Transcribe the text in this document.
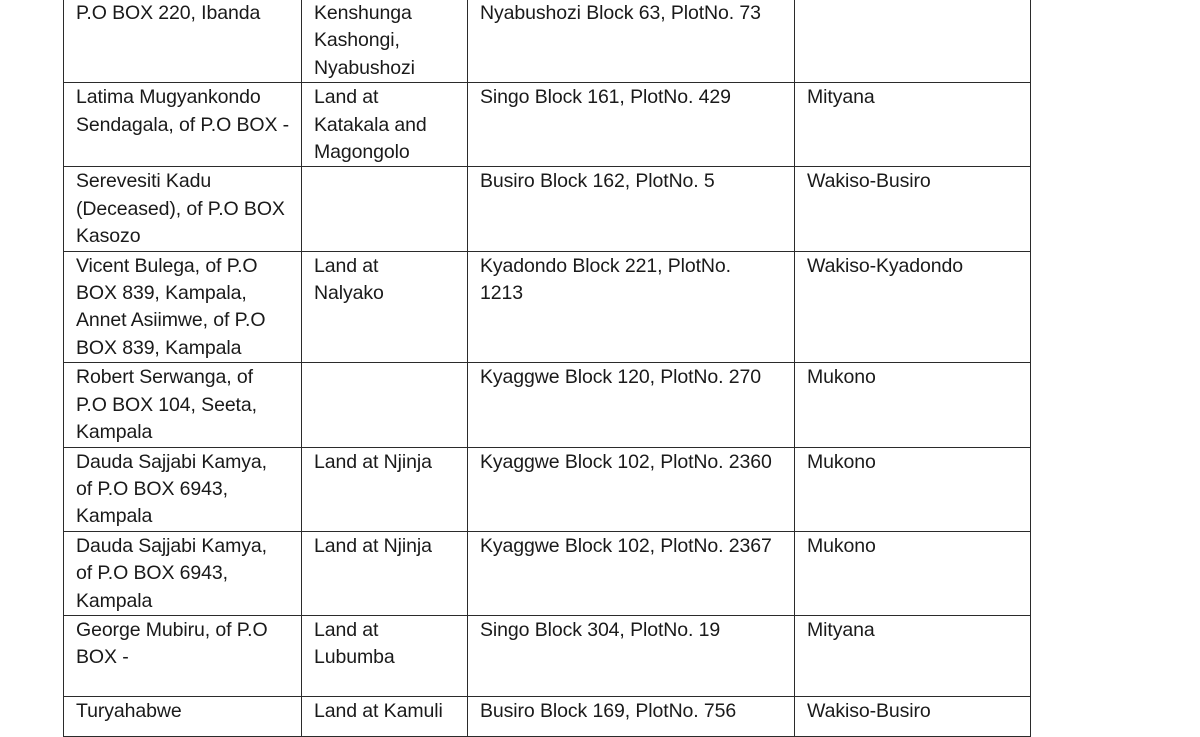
P.O BOX 220, Ibanda	Kenshunga
Kashongi,
Nyabushozi	Nyabushozi Block 63, PlotNo. 73	

Latima Mugyankondo
Sendagala, of P.O BOX -	Land at
Katakala and
Magongolo	Singo Block 161, PlotNo. 429	Mityana

Serevesiti Kadu
(Deceased), of P.O BOX
Kasozo		Busiro Block 162, PlotNo. 5	Wakiso-Busiro

Vicent Bulega, of P.O
BOX 839, Kampala,
Annet Asiimwe, of P.O
BOX 839, Kampala	Land at
Nalyako	Kyadondo Block 221, PlotNo.
1213	Wakiso-Kyadondo

Robert Serwanga, of
P.O BOX 104, Seeta,
Kampala		Kyaggwe Block 120, PlotNo. 270	Mukono

Dauda Sajjabi Kamya,
of P.O BOX 6943,
Kampala	Land at Njinja	Kyaggwe Block 102, PlotNo. 2360	Mukono

Dauda Sajjabi Kamya,
of P.O BOX 6943,
Kampala	Land at Njinja	Kyaggwe Block 102, PlotNo. 2367	Mukono

George Mubiru, of P.O
BOX -	Land at
Lubumba	Singo Block 304, PlotNo. 19	Mityana

Turyahabwe	Land at Kamuli	Busiro Block 169, PlotNo. 756	Wakiso-Busiro
